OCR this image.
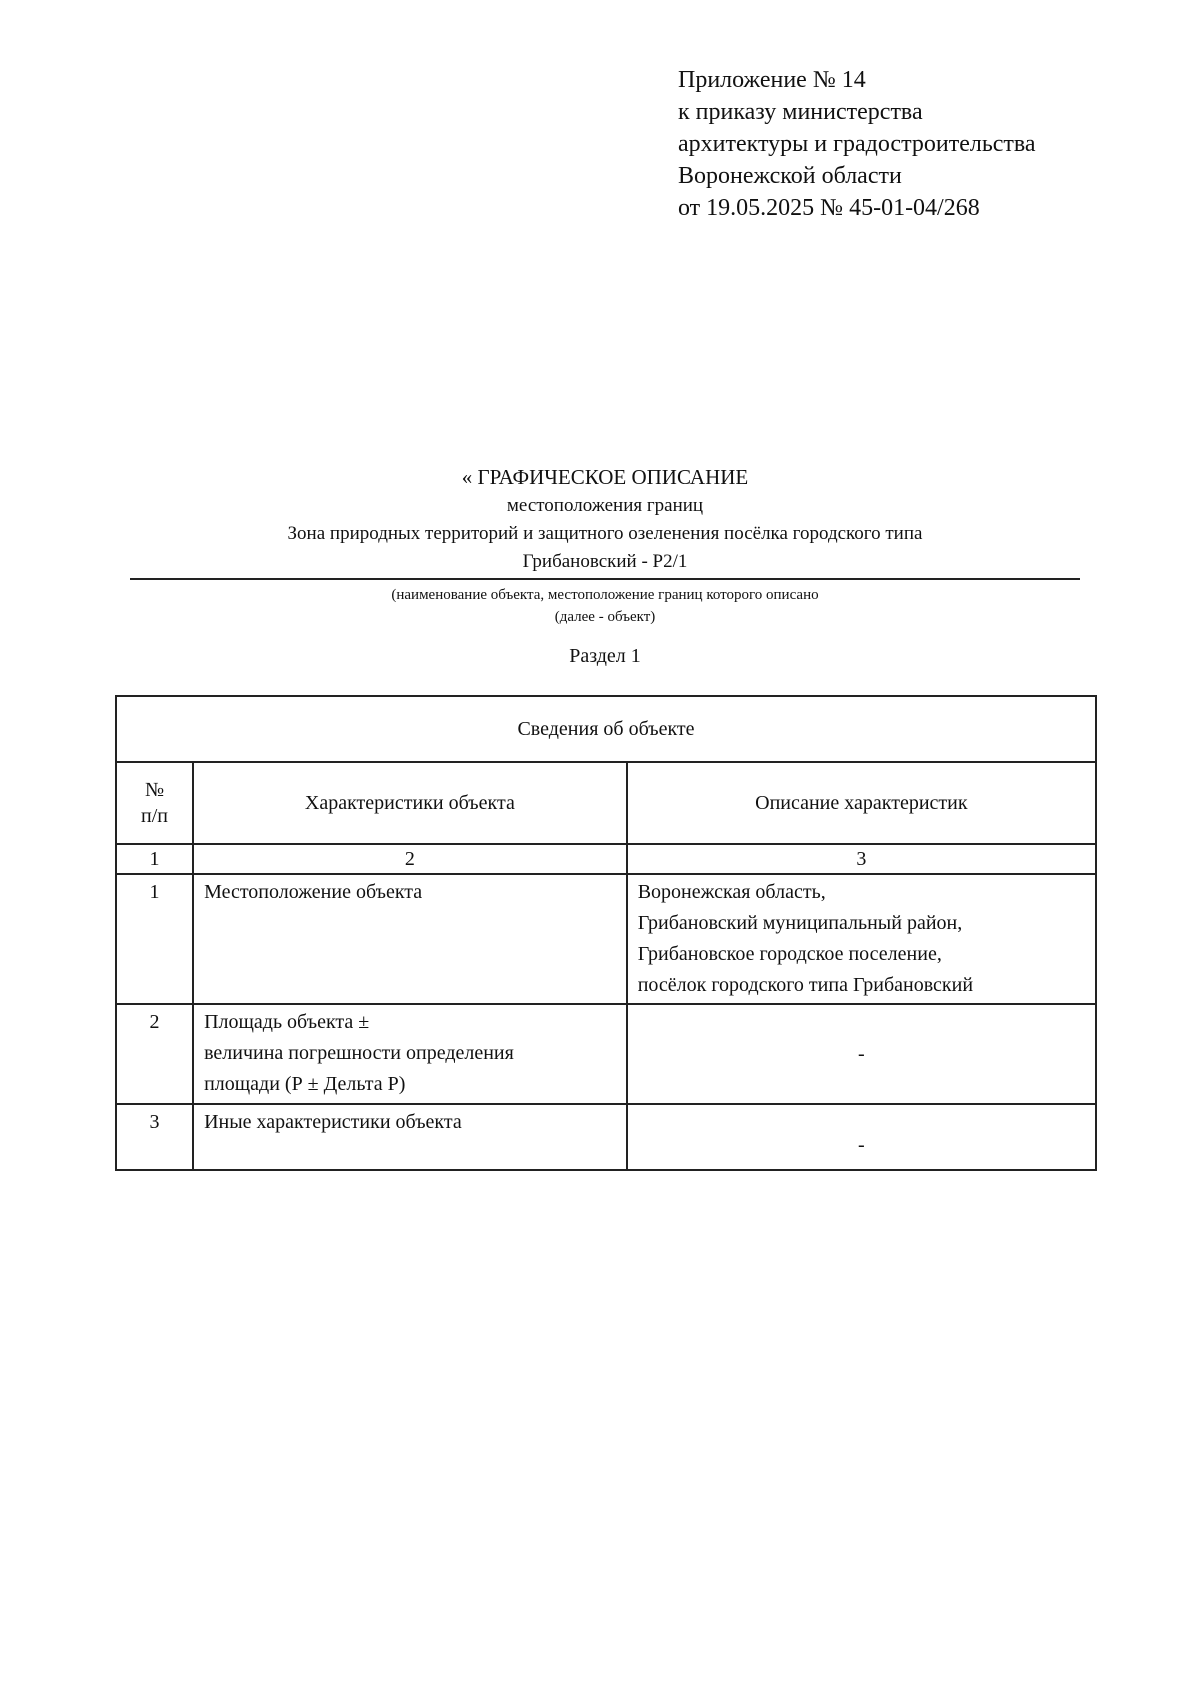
Приложение № 14
к приказу министерства
архитектуры и градостроительства
Воронежской области
от 19.05.2025 № 45-01-04/268
« ГРАФИЧЕСКОЕ ОПИСАНИЕ
местоположения границ
Зона природных территорий и защитного озеленения посёлка городского типа
Грибановский - Р2/1
(наименование объекта, местоположение границ которого описано
(далее - объект)
Раздел 1
Сведения об объекте		

№
п/п	Характеристики объекта	Описание характеристик
1	2	3
1	Местоположение объекта	Воронежская область,
Грибановский муниципальный район,
Грибановское городское поселение,
посёлок городского типа Грибановский

2	Площадь объекта ±
величина погрешности определения
площади (Р ± Дельта Р)	-
3	Иные характеристики объекта	-
